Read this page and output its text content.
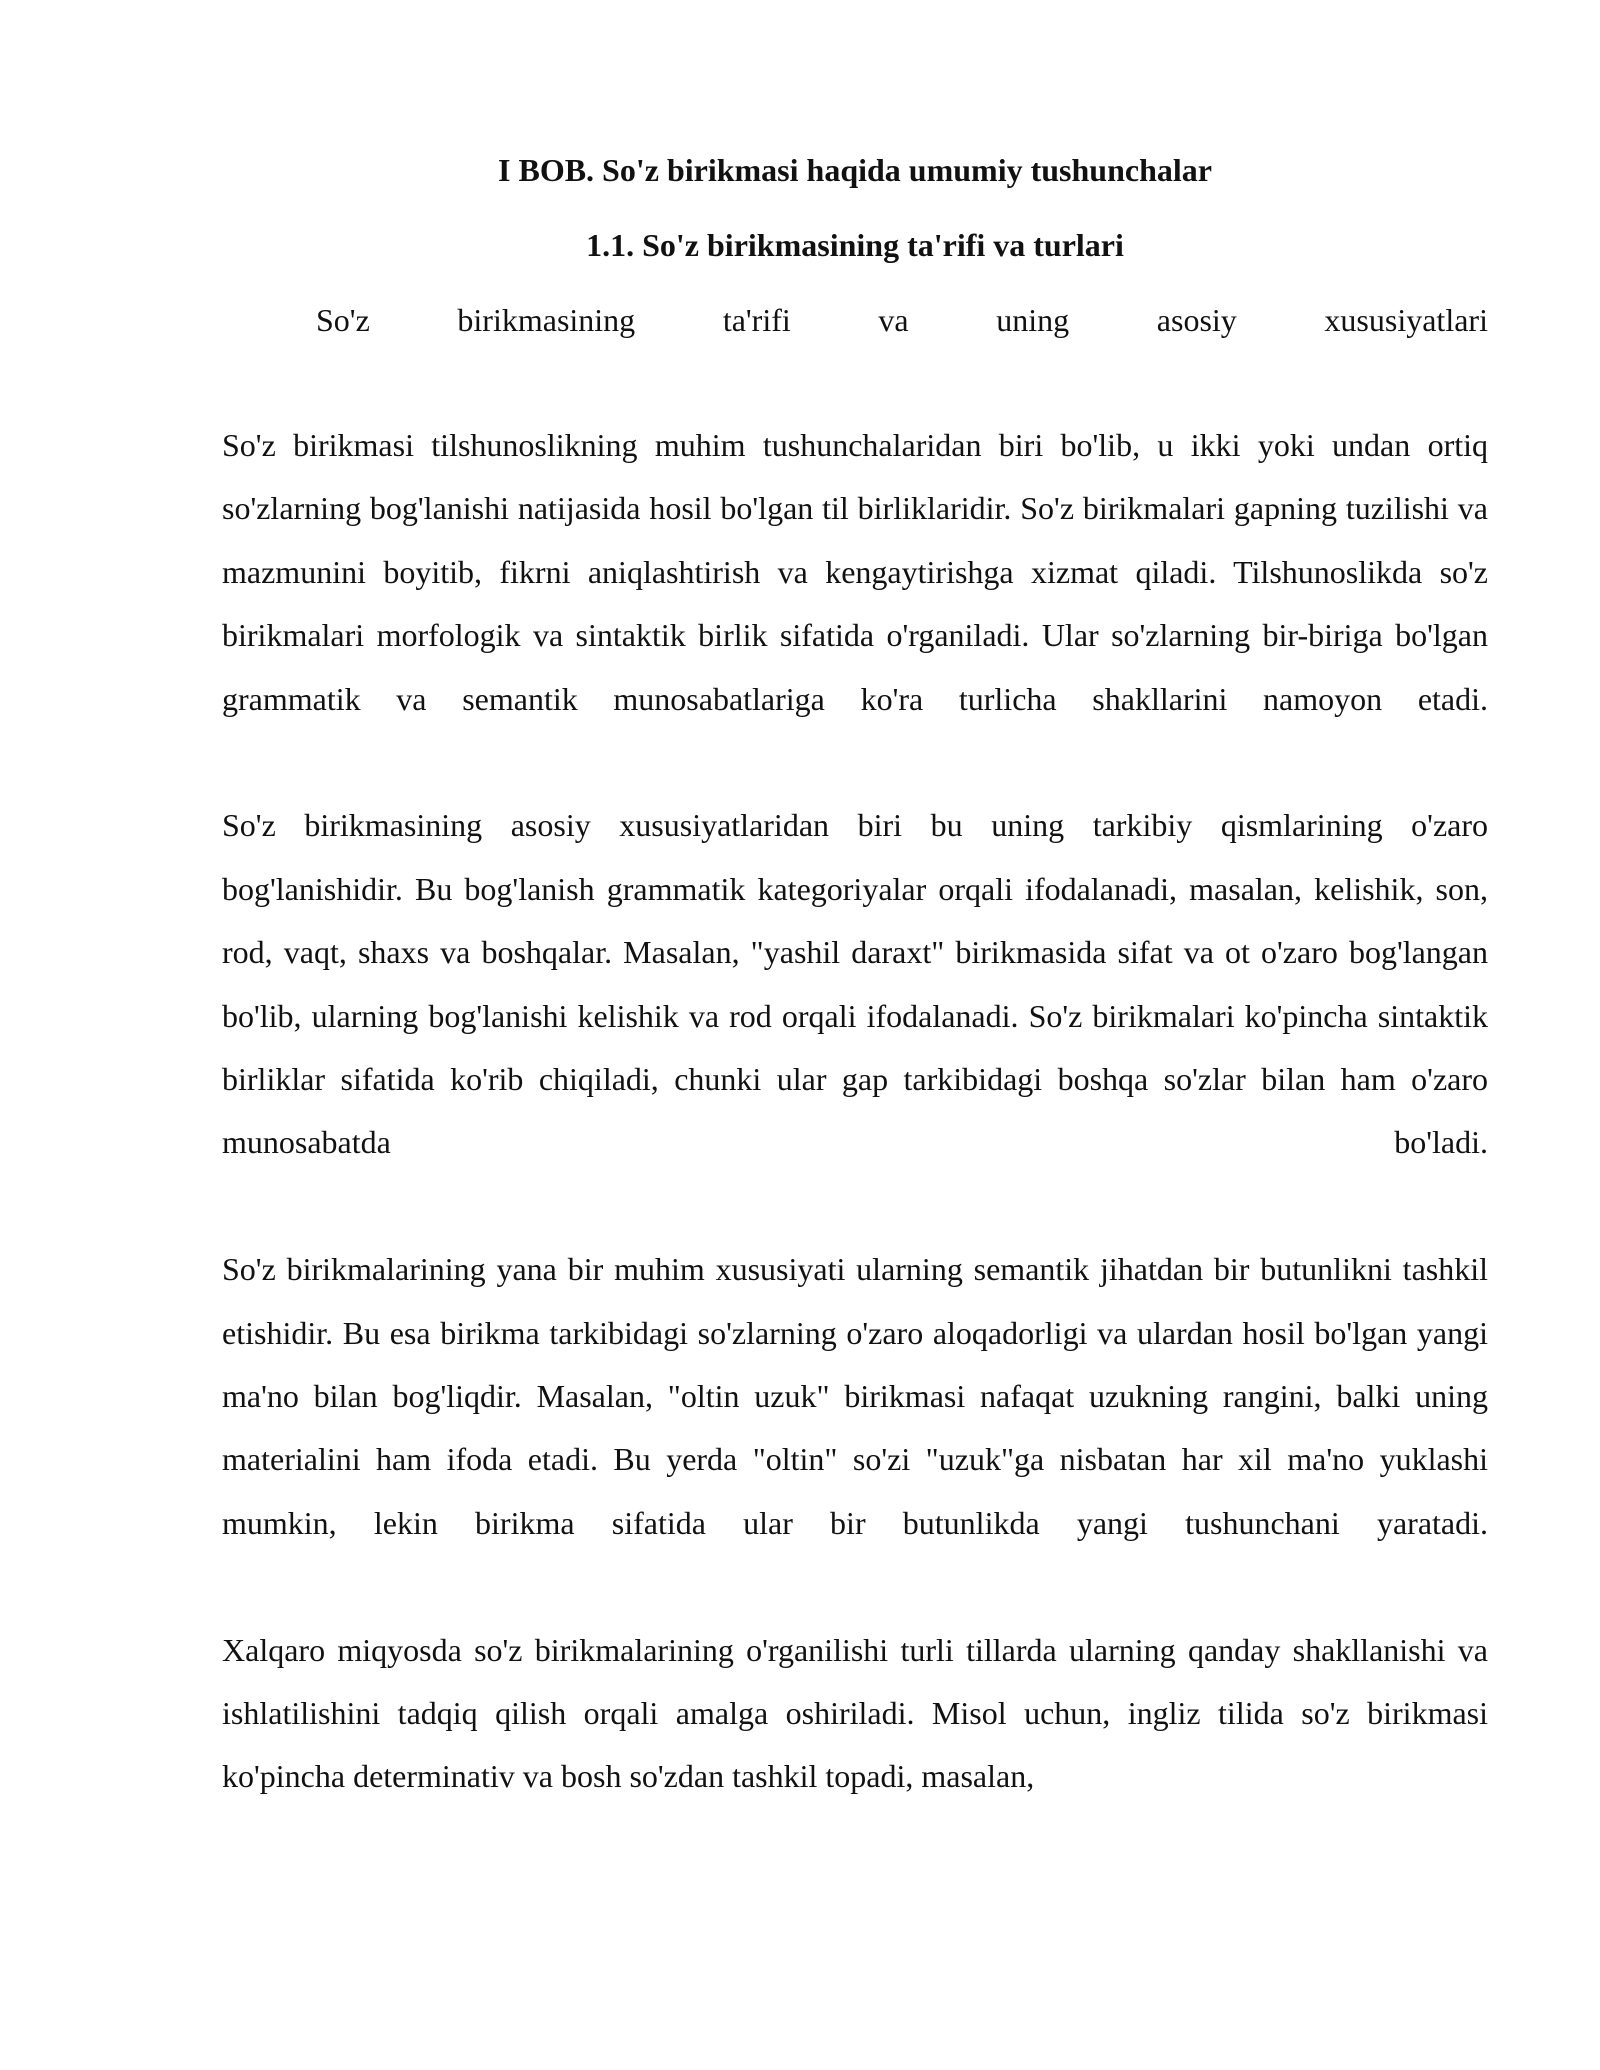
I BOB. So'z birikmasi haqida umumiy tushunchalar
1.1. So'z birikmasining ta'rifi va turlari
So'z	birikmasining	ta'rifi	va	uning	asosiy	xususiyatlari

So'z birikmasi tilshunoslikning muhim tushunchalaridan biri bo'lib, u ikki yoki undan ortiq so'zlarning bog'lanishi natijasida hosil bo'lgan til birliklaridir. So'z birikmalari gapning tuzilishi va mazmunini boyitib, fikrni aniqlashtirish va kengaytirishga xizmat qiladi. Tilshunoslikda so'z birikmalari morfologik va sintaktik birlik sifatida o'rganiladi. Ular so'zlarning bir-biriga bo'lgan grammatik va semantik munosabatlariga ko'ra turlicha shakllarini namoyon etadi.

So'z birikmasining asosiy xususiyatlaridan biri bu uning tarkibiy qismlarining o'zaro bog'lanishidir. Bu bog'lanish grammatik kategoriyalar orqali ifodalanadi, masalan, kelishik, son, rod, vaqt, shaxs va boshqalar. Masalan, "yashil daraxt" birikmasida sifat va ot o'zaro bog'langan bo'lib, ularning bog'lanishi kelishik va rod orqali ifodalanadi. So'z birikmalari ko'pincha sintaktik birliklar sifatida ko'rib chiqiladi, chunki ular gap tarkibidagi boshqa so'zlar bilan ham o'zaro munosabatda bo'ladi.

So'z birikmalarining yana bir muhim xususiyati ularning semantik jihatdan bir butunlikni tashkil etishidir. Bu esa birikma tarkibidagi so'zlarning o'zaro aloqadorligi va ulardan hosil bo'lgan yangi ma'no bilan bog'liqdir. Masalan, "oltin uzuk" birikmasi nafaqat uzukning rangini, balki uning materialini ham ifoda etadi. Bu yerda "oltin" so'zi "uzuk"ga nisbatan har xil ma'no yuklashi mumkin, lekin birikma sifatida ular bir butunlikda yangi tushunchani yaratadi.

Xalqaro miqyosda so'z birikmalarining o'rganilishi turli tillarda ularning qanday shakllanishi va ishlatilishini tadqiq qilish orqali amalga oshiriladi. Misol uchun, ingliz tilida so'z birikmasi ko'pincha determinativ va bosh so'zdan tashkil topadi, masalan,
